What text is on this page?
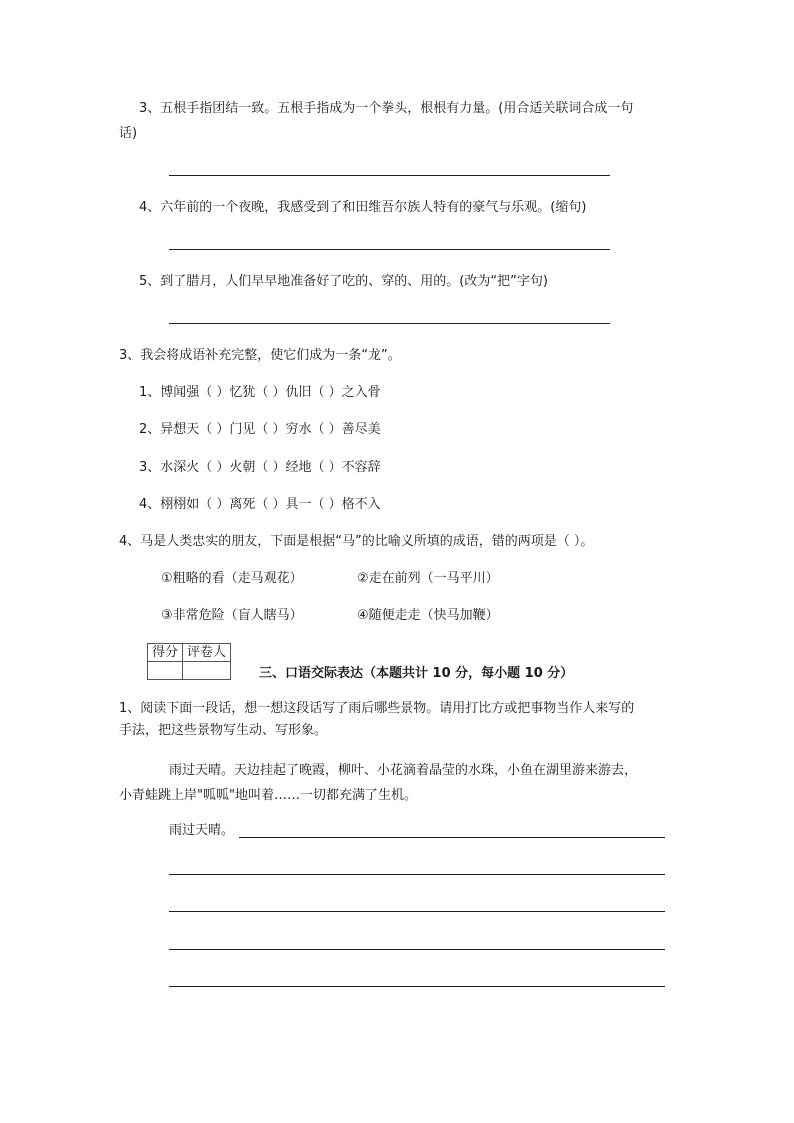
3、五根手指团结一致。五根手指成为一个拳头，根根有力量。(用合适关联词合成一句
话)
4、六年前的一个夜晚，我感受到了和田维吾尔族人特有的豪气与乐观。(缩句)
5、到了腊月，人们早早地准备好了吃的、穿的、用的。(改为“把”字句)
3、我会将成语补充完整，使它们成为一条“龙”。
1、博闻强（ ）忆犹（ ）仇旧（ ）之入骨
2、异想天（ ）门见（ ）穷水（ ）善尽美
3、水深火（ ）火朝（ ）经地（ ）不容辞
4、栩栩如（ ）离死（ ）具一（ ）格不入
4、马是人类忠实的朋友，下面是根据“马”的比喻义所填的成语，错的两项是（ ）。
①粗略的看（走马观花）	②走在前列（一马平川）
③非常危险（盲人瞎马）	④随便走走（快马加鞭）
得分	评卷人

三、口语交际表达（本题共计 10 分，每小题 10 分）
1、阅读下面一段话，想一想这段话写了雨后哪些景物。请用打比方或把事物当作人来写的
手法，把这些景物写生动、写形象。
雨过天晴。天边挂起了晚霞，柳叶、小花滴着晶莹的水珠，小鱼在湖里游来游去，
小青蛙跳上岸"呱呱"地叫着……一切都充满了生机。
雨过天晴。
